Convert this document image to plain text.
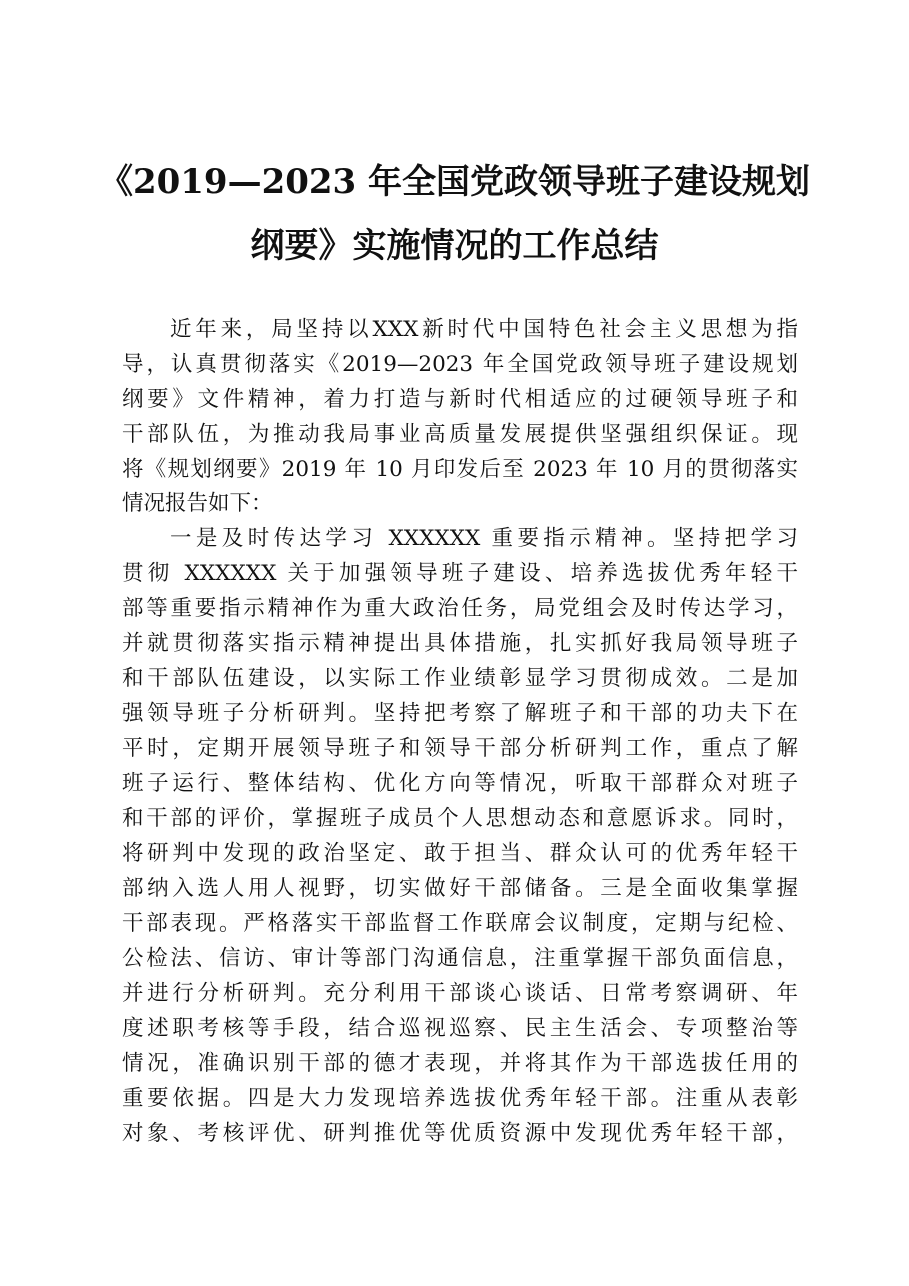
《2019—2023 年全国党政领导班子建设规划
纲要》实施情况的工作总结
近年来，局坚持以XXX新时代中国特色社会主义思想为指
导，认真贯彻落实《2019—2023 年全国党政领导班子建设规划
纲要》文件精神，着力打造与新时代相适应的过硬领导班子和
干部队伍，为推动我局事业高质量发展提供坚强组织保证。现
将《规划纲要》2019 年 10 月印发后至 2023 年 10 月的贯彻落实
情况报告如下：
一是及时传达学习 XXXXXX 重要指示精神。坚持把学习
贯彻 XXXXXX 关于加强领导班子建设、培养选拔优秀年轻干
部等重要指示精神作为重大政治任务，局党组会及时传达学习，
并就贯彻落实指示精神提出具体措施，扎实抓好我局领导班子
和干部队伍建设，以实际工作业绩彰显学习贯彻成效。二是加
强领导班子分析研判。坚持把考察了解班子和干部的功夫下在
平时，定期开展领导班子和领导干部分析研判工作，重点了解
班子运行、整体结构、优化方向等情况，听取干部群众对班子
和干部的评价，掌握班子成员个人思想动态和意愿诉求。同时，
将研判中发现的政治坚定、敢于担当、群众认可的优秀年轻干
部纳入选人用人视野，切实做好干部储备。三是全面收集掌握
干部表现。严格落实干部监督工作联席会议制度，定期与纪检、
公检法、信访、审计等部门沟通信息，注重掌握干部负面信息，
并进行分析研判。充分利用干部谈心谈话、日常考察调研、年
度述职考核等手段，结合巡视巡察、民主生活会、专项整治等
情况，准确识别干部的德才表现，并将其作为干部选拔任用的
重要依据。四是大力发现培养选拔优秀年轻干部。注重从表彰
对象、考核评优、研判推优等优质资源中发现优秀年轻干部，
